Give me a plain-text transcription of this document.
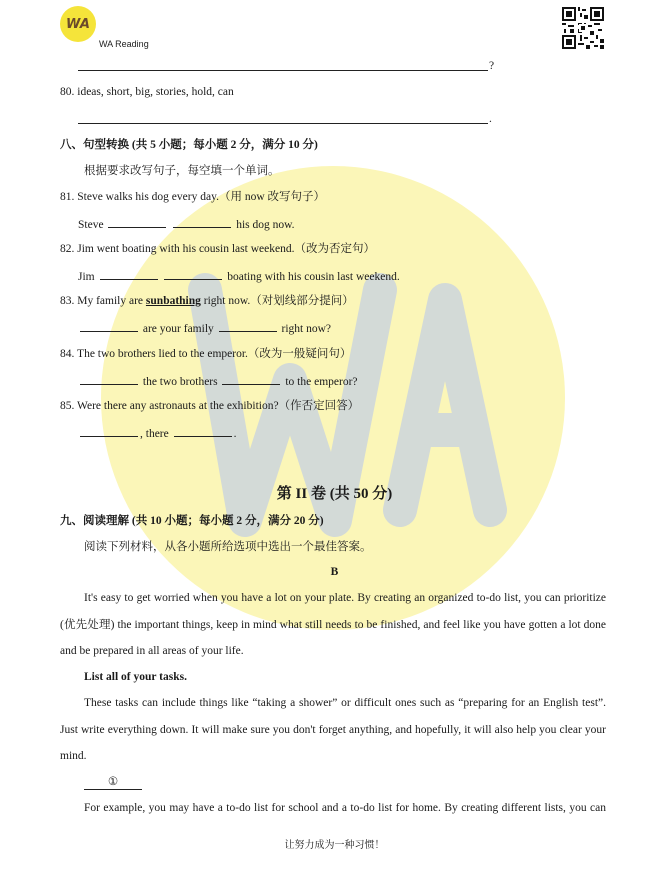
WA
WA Reading
?
80. ideas, short, big, stories, hold, can
.
八、句型转换 (共 5 小题；每小题 2 分，满分 10 分)
根据要求改写句子，每空填一个单词。
81. Steve walks his dog every day.（用 now 改写句子）
Steve	his dog now.
82. Jim went boating with his cousin last weekend.（改为否定句）
Jim	boating with his cousin last weekend.
83. My family are sunbathing right now.（对划线部分提问）
are your family	right now?
84. The two brothers lied to the emperor.（改为一般疑问句）
the two brothers	to the emperor?
85. Were there any astronauts at the exhibition?（作否定回答）
, there	.
第 II 卷 (共 50 分)
九、阅读理解 (共 10 小题；每小题 2 分，满分 20 分)
阅读下列材料，从各小题所给选项中选出一个最佳答案。
B
It's easy to get worried when you have a lot on your plate. By creating an organized to-do list, you can prioritize (优先处理) the important things, keep in mind what still needs to be finished, and feel like you have gotten a lot done and be prepared in all areas of your life.
List all of your tasks.
These tasks can include things like “taking a shower” or difficult ones such as “preparing for an English test”. Just write everything down. It will make sure you don't forget anything, and hopefully, it will also help you clear your mind.
①
For example, you may have a to-do list for school and a to-do list for home. By creating different lists, you can
让努力成为一种习惯！
